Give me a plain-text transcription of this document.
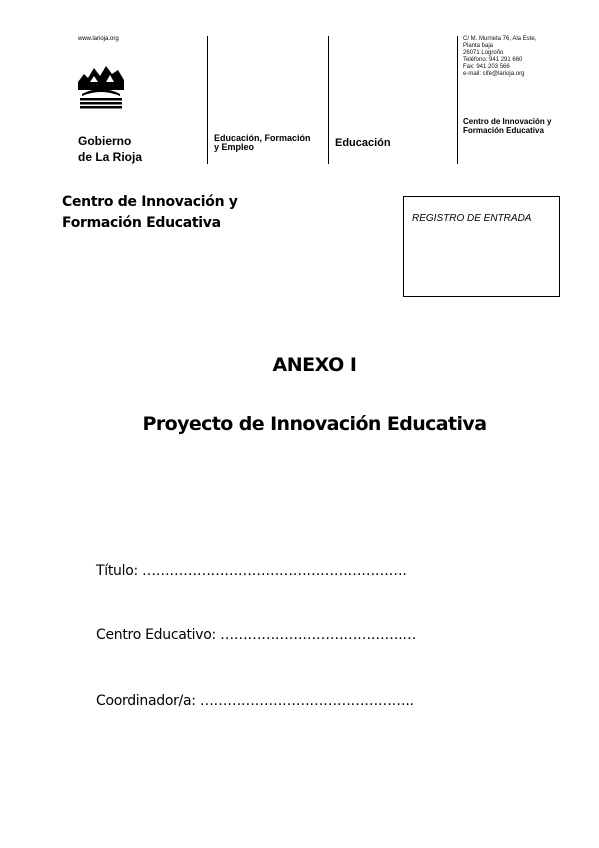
www.larioja.org
Gobierno
de La Rioja
Educación, Formación
y Empleo	Educación
C/ M. Murrieta 76, Ala Este,
Planta baja
26071 Logroño
Teléfono: 941 291 660
Fax: 941 203 566
e-mail: cife@larioja.org
Centro de Innovación y
Formación Educativa
Centro de Innovación y
Formación Educativa	REGISTRO DE ENTRADA
ANEXO I
Proyecto de Innovación Educativa
Título: ………………………………………………….
Centro Educativo: ………………………………….…
Coordinador/a: ………………………………………..
